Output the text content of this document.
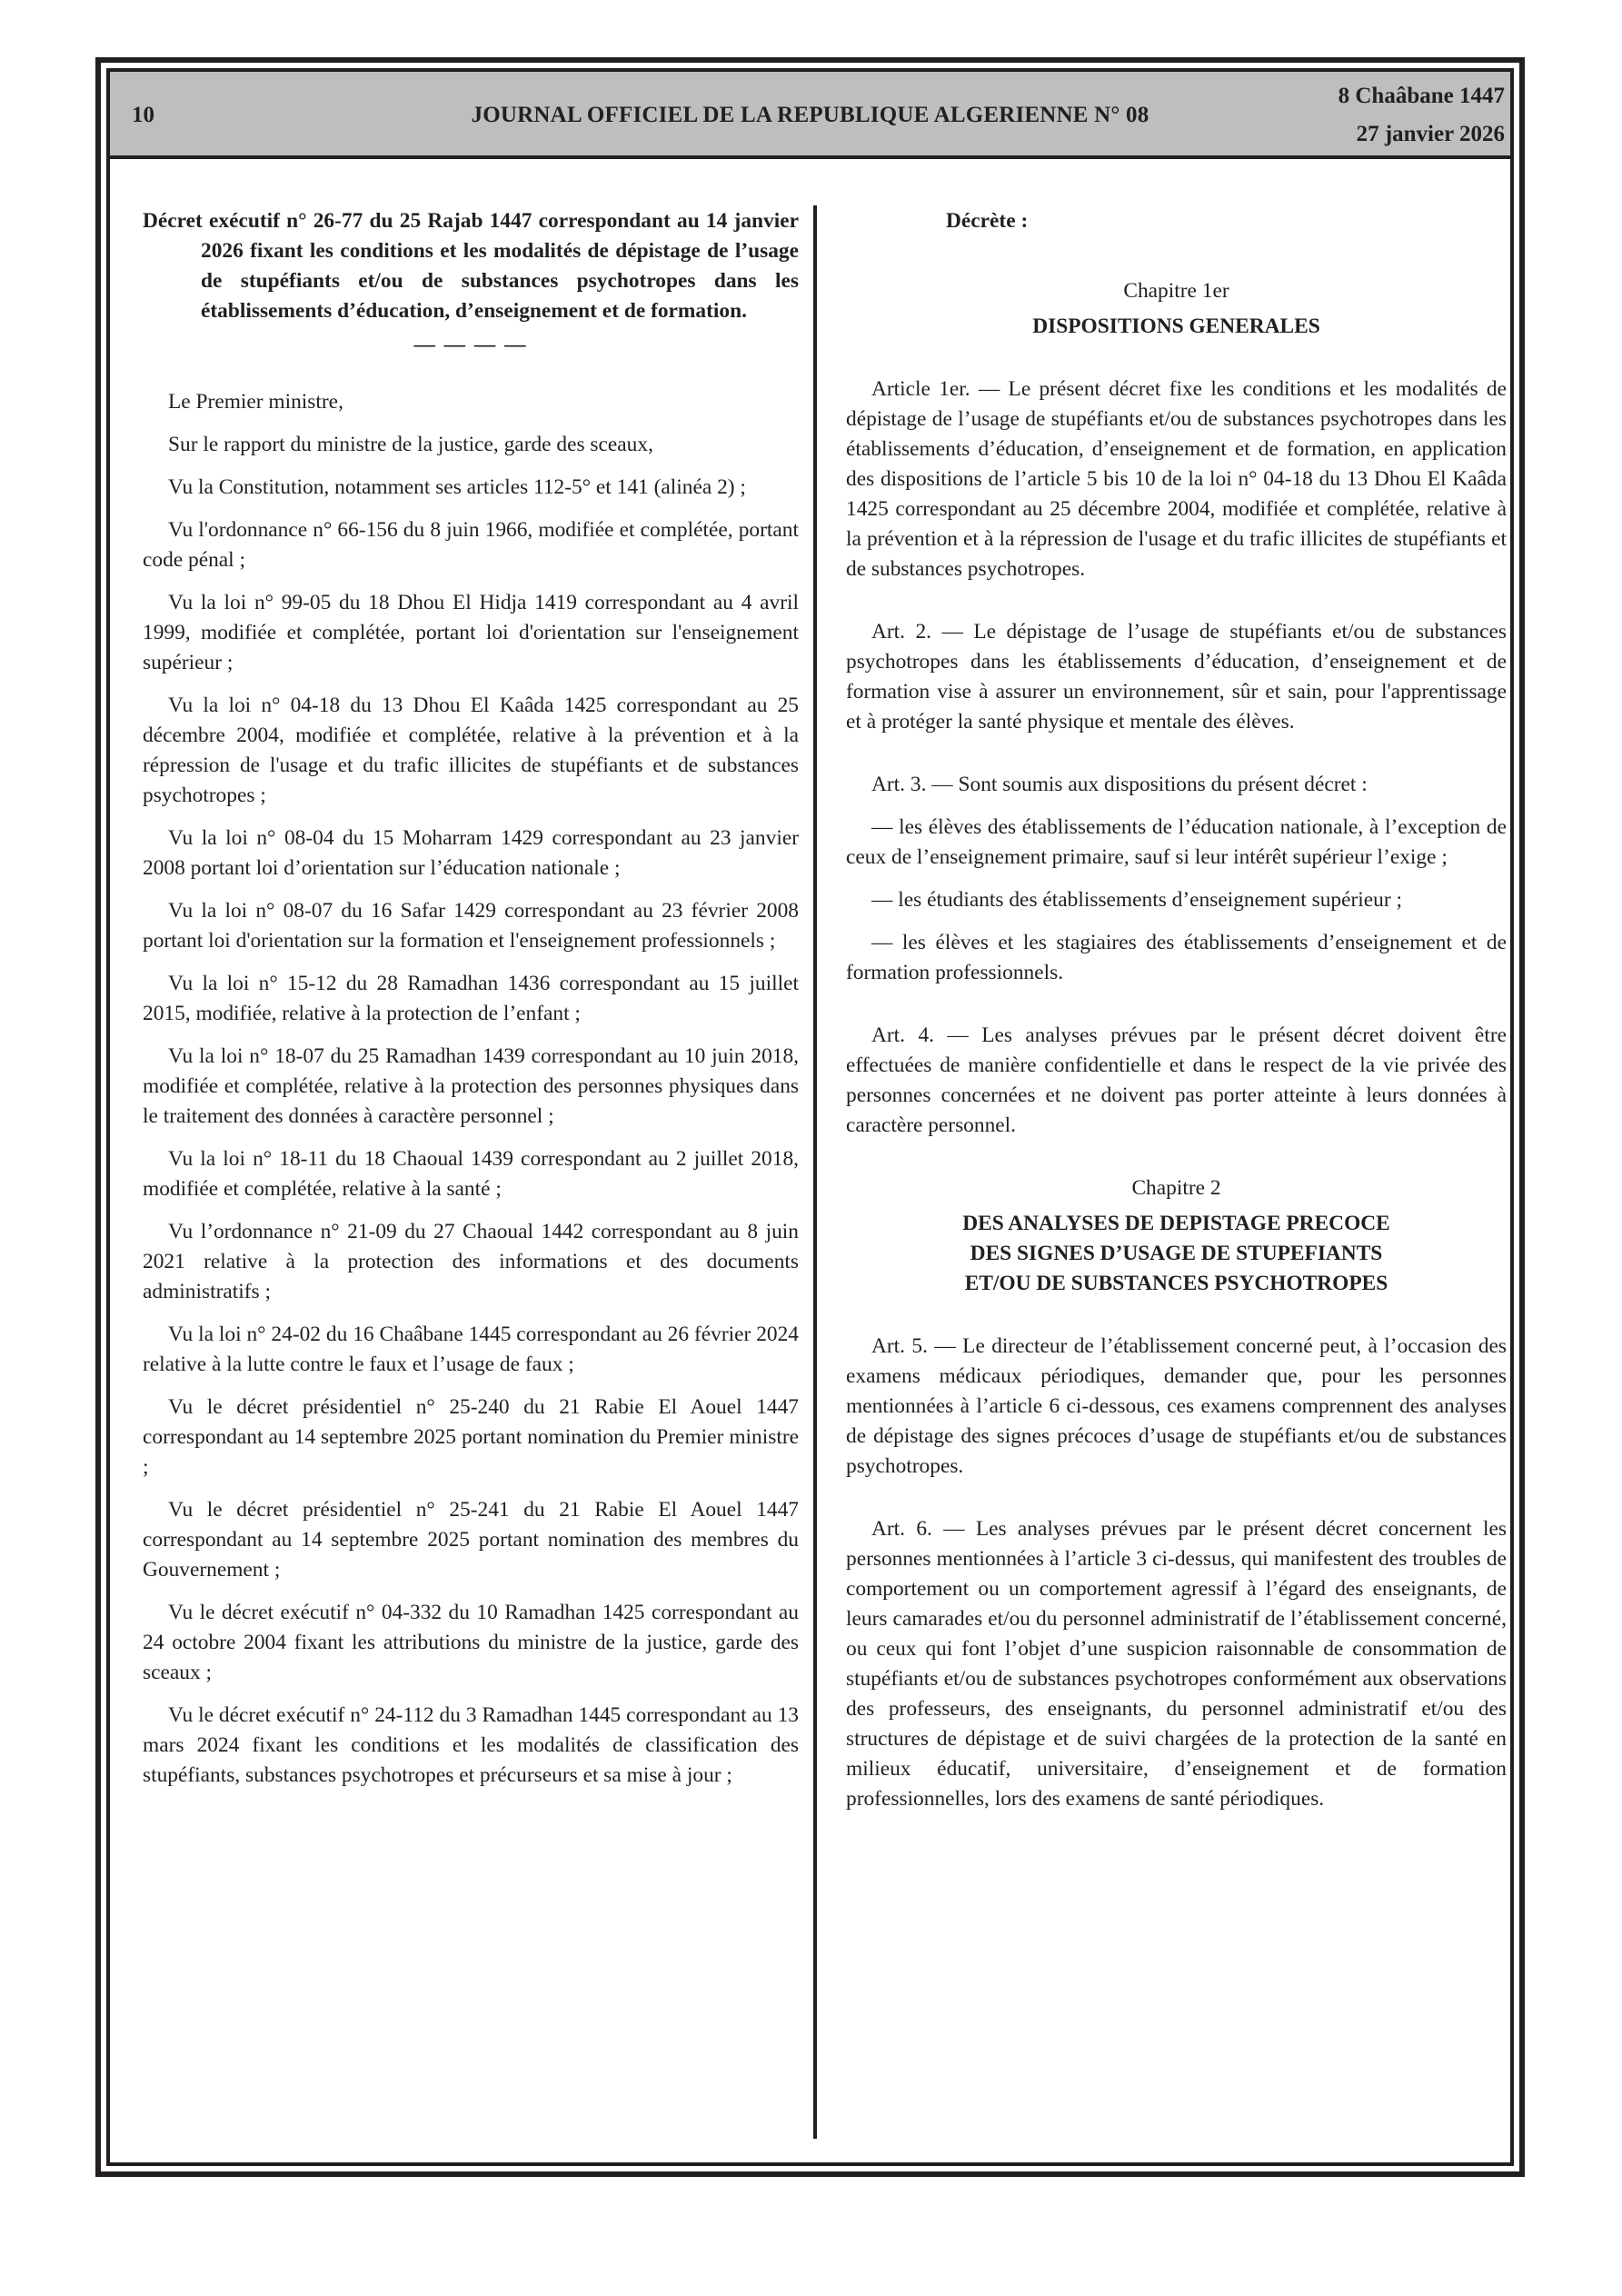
10	JOURNAL OFFICIEL DE LA REPUBLIQUE ALGERIENNE N° 08
8 Chaâbane 1447
27 janvier 2026

Décret exécutif n° 26-77 du 25 Rajab 1447 correspondant au 14 janvier 2026 fixant les conditions et les modalités de dépistage de l’usage de stupéfiants et/ou de substances psychotropes dans les établissements d’éducation, d’enseignement et de formation.

— — — —

Le Premier ministre,

Sur le rapport du ministre de la justice, garde des sceaux,

Vu la Constitution, notamment ses articles 112-5° et 141 (alinéa 2) ;

Vu l'ordonnance n° 66-156 du 8 juin 1966, modifiée et complétée, portant code pénal ;

Vu la loi n° 99-05 du 18 Dhou El Hidja 1419 correspondant au 4 avril 1999, modifiée et complétée, portant loi d'orientation sur l'enseignement supérieur ;

Vu la loi n° 04-18 du 13 Dhou El Kaâda 1425 correspondant au 25 décembre 2004, modifiée et complétée, relative à la prévention et à la répression de l'usage et du trafic illicites de stupéfiants et de substances psychotropes ;

Vu la loi n° 08-04 du 15 Moharram 1429 correspondant au 23 janvier 2008 portant loi d’orientation sur l’éducation nationale ;

Vu la loi n° 08-07 du 16 Safar 1429 correspondant au 23 février 2008 portant loi d'orientation sur la formation et l'enseignement professionnels ;

Vu la loi n° 15-12 du 28 Ramadhan 1436 correspondant au 15 juillet 2015, modifiée, relative à la protection de l’enfant ;

Vu la loi n° 18-07 du 25 Ramadhan 1439 correspondant au 10 juin 2018, modifiée et complétée, relative à la protection des personnes physiques dans le traitement des données à caractère personnel ;

Vu la loi n° 18-11 du 18 Chaoual 1439 correspondant au 2 juillet 2018, modifiée et complétée, relative à la santé ;

Vu l’ordonnance n° 21-09 du 27 Chaoual 1442 correspondant au 8 juin 2021 relative à la protection des informations et des documents administratifs ;

Vu la loi n° 24-02 du 16 Chaâbane 1445 correspondant au 26 février 2024 relative à la lutte contre le faux et l’usage de faux ;

Vu le décret présidentiel n° 25-240 du 21 Rabie El Aouel 1447 correspondant au 14 septembre 2025 portant nomination du Premier ministre ;

Vu le décret présidentiel n° 25-241 du 21 Rabie El Aouel 1447 correspondant au 14 septembre 2025 portant nomination des membres du Gouvernement ;

Vu le décret exécutif n° 04-332 du 10 Ramadhan 1425 correspondant au 24 octobre 2004 fixant les attributions du ministre de la justice, garde des sceaux ;

Vu le décret exécutif n° 24-112 du 3 Ramadhan 1445 correspondant au 13 mars 2024 fixant les conditions et les modalités de classification des stupéfiants, substances psychotropes et précurseurs et sa mise à jour ;

Décrète :

Chapitre 1er

DISPOSITIONS GENERALES

Article 1er. — Le présent décret fixe les conditions et les modalités de dépistage de l’usage de stupéfiants et/ou de substances psychotropes dans les établissements d’éducation, d’enseignement et de formation, en application des dispositions de l’article 5 bis 10 de la loi n° 04-18 du 13 Dhou El Kaâda 1425 correspondant au 25 décembre 2004, modifiée et complétée, relative à la prévention et à la répression de l'usage et du trafic illicites de stupéfiants et de substances psychotropes.

Art. 2. — Le dépistage de l’usage de stupéfiants et/ou de substances psychotropes dans les établissements d’éducation, d’enseignement et de formation vise à assurer un environnement, sûr et sain, pour l'apprentissage et à protéger la santé physique et mentale des élèves.

Art. 3. — Sont soumis aux dispositions du présent décret :

— les élèves des établissements de l’éducation nationale, à l’exception de ceux de l’enseignement primaire, sauf si leur intérêt supérieur l’exige ;

— les étudiants des établissements d’enseignement supérieur ;

— les élèves et les stagiaires des établissements d’enseignement et de formation professionnels.

Art. 4. — Les analyses prévues par le présent décret doivent être effectuées de manière confidentielle et dans le respect de la vie privée des personnes concernées et ne doivent pas porter atteinte à leurs données à caractère personnel.

Chapitre 2

DES ANALYSES DE DEPISTAGE PRECOCE
DES SIGNES D’USAGE DE STUPEFIANTS
ET/OU DE SUBSTANCES PSYCHOTROPES

Art. 5. — Le directeur de l’établissement concerné peut, à l’occasion des examens médicaux périodiques, demander que, pour les personnes mentionnées à l’article 6 ci-dessous, ces examens comprennent des analyses de dépistage des signes précoces d’usage de stupéfiants et/ou de substances psychotropes.

Art. 6. — Les analyses prévues par le présent décret concernent les personnes mentionnées à l’article 3 ci-dessus, qui manifestent des troubles de comportement ou un comportement agressif à l’égard des enseignants, de leurs camarades et/ou du personnel administratif de l’établissement concerné, ou ceux qui font l’objet d’une suspicion raisonnable de consommation de stupéfiants et/ou de substances psychotropes conformément aux observations des professeurs, des enseignants, du personnel administratif et/ou des structures de dépistage et de suivi chargées de la protection de la santé en milieux éducatif, universitaire, d’enseignement et de formation professionnelles, lors des examens de santé périodiques.
